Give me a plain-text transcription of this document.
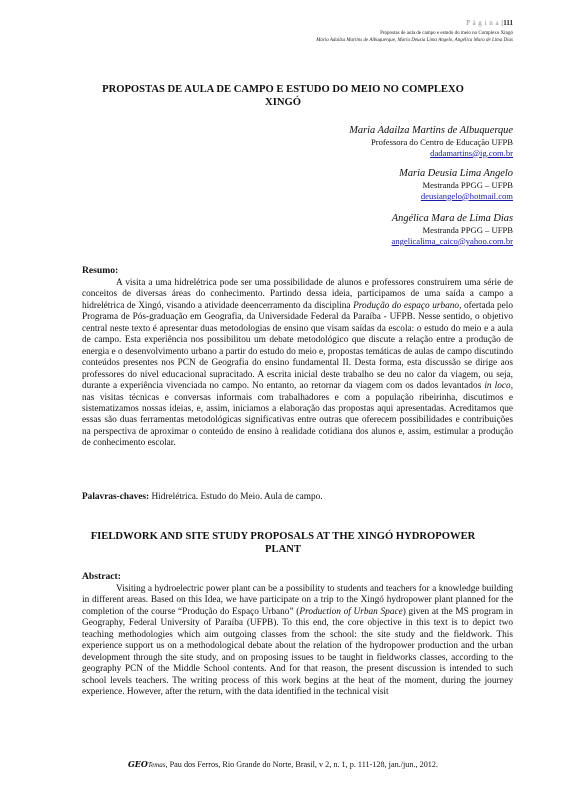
P á g i n a |111
Propostas de aula de campo e estudo do meio no Complexo Xingó
Maria Adailza Martins de Albuquerque, Maria Deusia Lima Angelo, Angélica Mara de Lima Dias
PROPOSTAS DE AULA DE CAMPO E ESTUDO DO MEIO NO COMPLEXO
XINGÓ
Maria Adailza Martins de Albuquerque
Professora do Centro de Educação UFPB
dadamartins@ig.com.br
Maria Deusia Lima Angelo
Mestranda PPGG – UFPB
deusiangelo@hotmail.com
Angélica Mara de Lima Dias
Mestranda PPGG – UFPB
angelicalima_caico@yahoo.com.br
Resumo:
A visita a uma hidrelétrica pode ser uma possibilidade de alunos e professores construírem uma série de conceitos de diversas áreas do conhecimento. Partindo dessa ideia, participamos de uma saída a campo a hidrelétrica de Xingó, visando a atividade deencerramento da disciplina Produção do espaço urbano, ofertada pelo Programa de Pós-graduação em Geografia, da Universidade Federal da Paraíba - UFPB. Nesse sentido, o objetivo central neste texto é apresentar duas metodologias de ensino que visam saídas da escola: o estudo do meio e a aula de campo. Esta experiência nos possibilitou um debate metodológico que discute a relação entre a produção de energia e o desenvolvimento urbano a partir do estudo do meio e, propostas temáticas de aulas de campo discutindo conteúdos presentes nos PCN de Geografia do ensino fundamental II. Desta forma, esta discussão se dirige aos professores do nível educacional supracitado. A escrita inicial deste trabalho se deu no calor da viagem, ou seja, durante a experiência vivenciada no campo. No entanto, ao retornar da viagem com os dados levantados in loco, nas visitas técnicas e conversas informais com trabalhadores e com a população ribeirinha, discutimos e sistematizamos nossas ideias, e, assim, iniciamos a elaboração das propostas aqui apresentadas. Acreditamos que essas são duas ferramentas metodológicas significativas entre outras que oferecem possibilidades e contribuições na perspectiva de aproximar o conteúdo de ensino à realidade cotidiana dos alunos e, assim, estimular a produção de conhecimento escolar.
Palavras-chaves: Hidrelétrica. Estudo do Meio. Aula de campo.
FIELDWORK AND SITE STUDY PROPOSALS AT THE XINGÓ HYDROPOWER
PLANT
Abstract:
Visiting a hydroelectric power plant can be a possibility to students and teachers for a knowledge building in different areas. Based on this Idea, we have participate on a trip to the Xingó hydropower plant planned for the completion of the course “Produção do Espaço Urbano” (Production of Urban Space) given at the MS program in Geography, Federal University of Paraíba (UFPB). To this end, the core objective in this text is to depict two teaching methodologies which aim outgoing classes from the school: the site study and the fieldwork. This experience support us on a methodological debate about the relation of the hydropower production and the urban development through the site study, and on proposing issues to be taught in fieldworks classes, according to the geography PCN of the Middle School contents. And for that reason, the present discussion is intended to such school levels teachers. The writing process of this work begins at the heat of the moment, during the journey experience. However, after the return, with the data identified in the technical visit
GEOTemas, Pau dos Ferros, Rio Grande do Norte, Brasil, v 2, n. 1, p. 111-128, jan./jun., 2012.
